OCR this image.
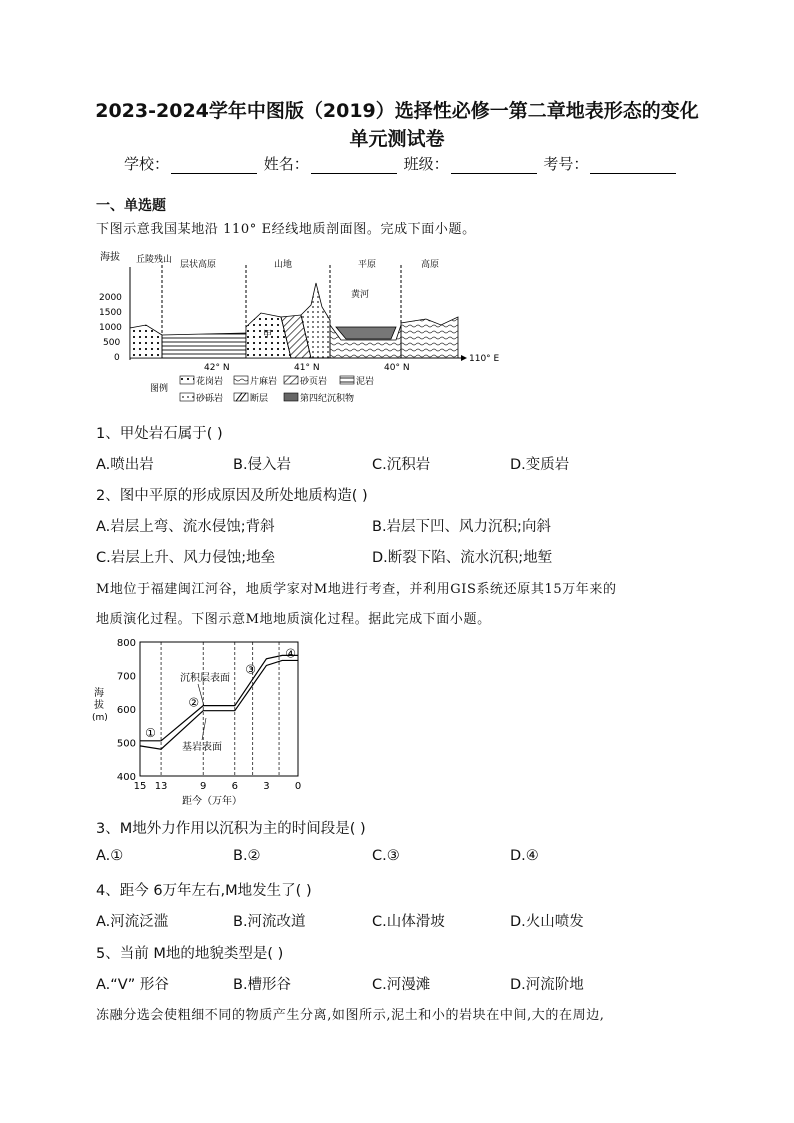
2023-2024学年中图版（2019）选择性必修一第二章地表形态的变化
单元测试卷
学校：	姓名：	班级：	考号：
一、单选题
下图示意我国某地沿 110° E经线地质剖面图。完成下面小题。
海拔
2000
1500
1000
500
0
丘陵残山 层状高原	山地	平原	高原
黄河
甲
42° N	41° N	40° N
110° E
图例
花岗岩	片麻岩	砂页岩	泥岩
砂砾岩	断层	第四纪沉积物
1、甲处岩石属于( )
A.喷出岩	B.侵入岩	C.沉积岩	D.变质岩
2、图中平原的形成原因及所处地质构造( )
A.岩层上弯、流水侵蚀;背斜	B.岩层下凹、风力沉积;向斜
C.岩层上升、风力侵蚀;地垒	D.断裂下陷、流水沉积;地堑
M地位于福建闽江河谷，地质学家对M地进行考查，并利用GIS系统还原其15万年来的
地质演化过程。下图示意M地地质演化过程。据此完成下面小题。
海
拔
(m)
距今（万年）
800
700
600
500
400
15 13	9	6	3	0
沉积层表面
基岩表面
①
②
③
④
3、M地外力作用以沉积为主的时间段是( )
A.①	B.②	C.③	D.④
4、距今 6万年左右,M地发生了( )
A.河流泛滥	B.河流改道	C.山体滑坡	D.火山喷发
5、当前 M地的地貌类型是( )
A.“V” 形谷	B.槽形谷	C.河漫滩	D.河流阶地
冻融分选会使粗细不同的物质产生分离,如图所示,泥土和小的岩块在中间,大的在周边,
